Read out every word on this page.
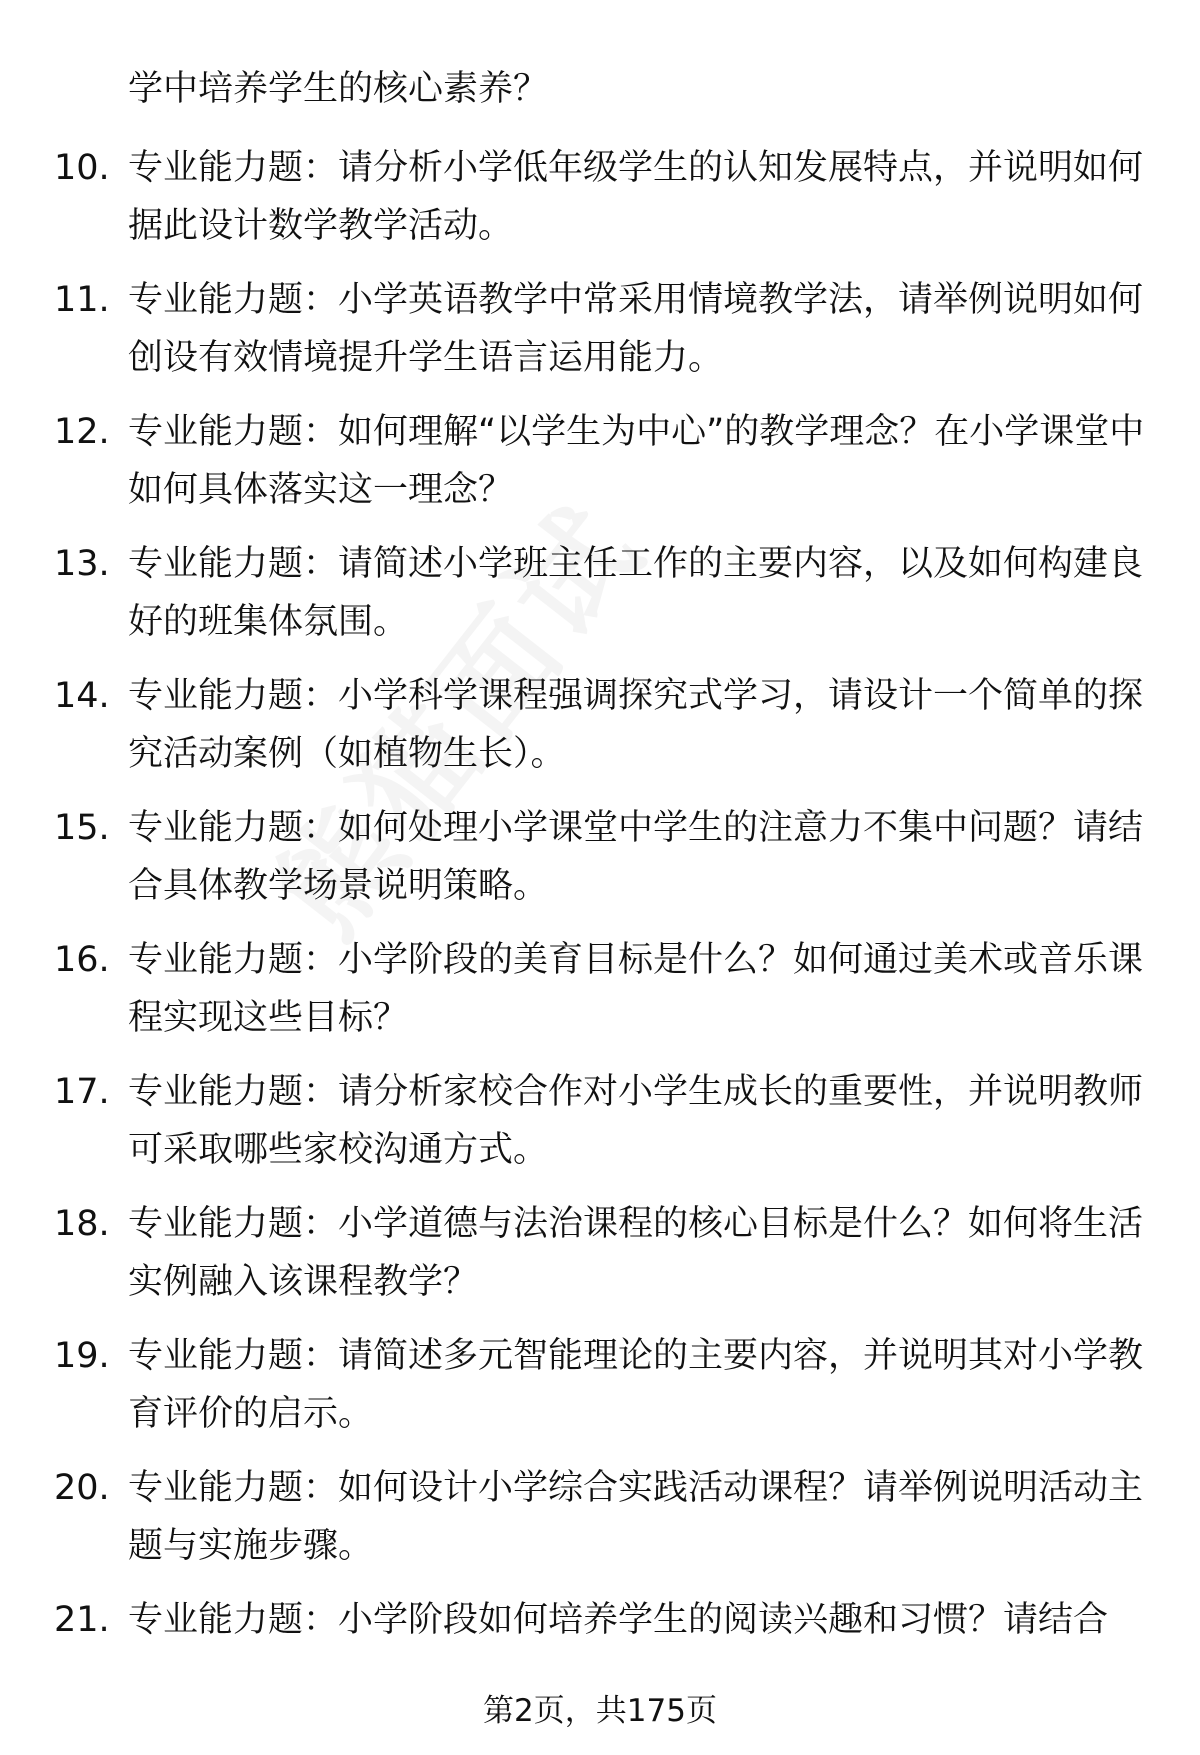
学中培养学生的核心素养？
10. 专业能力题：请分析小学低年级学生的认知发展特点，并说明如何据此设计数学教学活动。
11. 专业能力题：小学英语教学中常采用情境教学法，请举例说明如何创设有效情境提升学生语言运用能力。
12. 专业能力题：如何理解“以学生为中心”的教学理念？在小学课堂中如何具体落实这一理念？
13. 专业能力题：请简述小学班主任工作的主要内容，以及如何构建良好的班集体氛围。
14. 专业能力题：小学科学课程强调探究式学习，请设计一个简单的探究活动案例（如植物生长）。
15. 专业能力题：如何处理小学课堂中学生的注意力不集中问题？请结合具体教学场景说明策略。
16. 专业能力题：小学阶段的美育目标是什么？如何通过美术或音乐课程实现这些目标？
17. 专业能力题：请分析家校合作对小学生成长的重要性，并说明教师可采取哪些家校沟通方式。
18. 专业能力题：小学道德与法治课程的核心目标是什么？如何将生活实例融入该课程教学？
19. 专业能力题：请简述多元智能理论的主要内容，并说明其对小学教育评价的启示。
20. 专业能力题：如何设计小学综合实践活动课程？请举例说明活动主题与实施步骤。
21. 专业能力题：小学阶段如何培养学生的阅读兴趣和习惯？请结合
第2页，共175页
